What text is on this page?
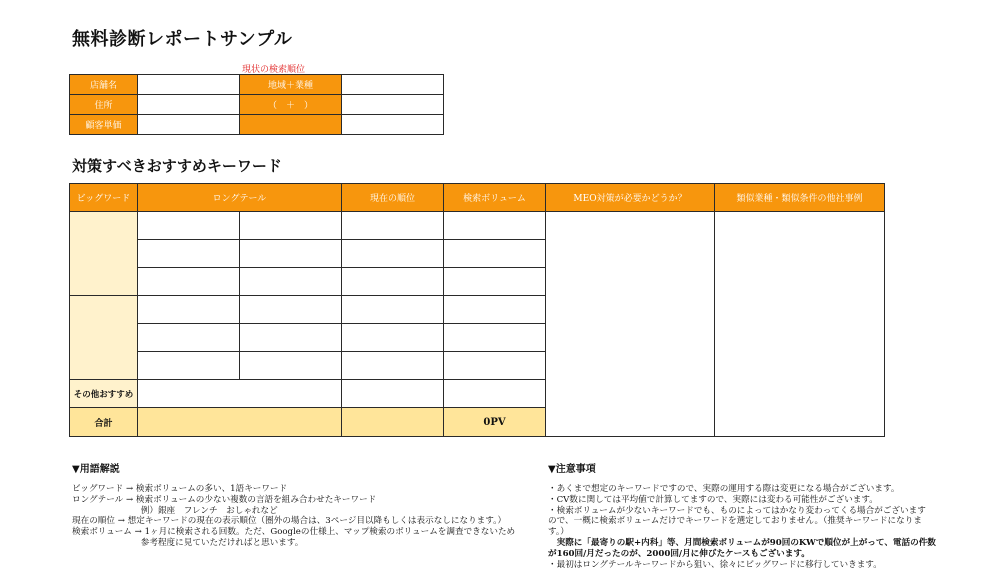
無料診断レポートサンプル
現状の検索順位
店舗名		地域＋業種	
住所		（　＋　）	
顧客単価			
対策すべきおすすめキーワード
ビッグワード	ロングテール		現在の順位	検索ボリューム	MEO対策が必要かどうか？	類似業種・類似条件の他社事例

その他おすすめ						
合計				0PV		
▼用語解説
ビッグワード → 検索ボリュームの多い、1語キーワード
ロングテール → 検索ボリュームの少ない複数の言語を組み合わせたキーワード
　　　　　　　　例）銀座　フレンチ　おしゃれなど
現在の順位 → 想定キーワードの現在の表示順位（圏外の場合は、3ページ目以降もしくは表示なしになります。）
検索ボリューム → 1ヶ月に検索される回数。ただ、Googleの仕様上、マップ検索のボリュームを調査できないため
　　　　　　　　参考程度に見ていただければと思います。
▼注意事項
・あくまで想定のキーワードですので、実際の運用する際は変更になる場合がございます。
・CV数に関しては平均値で計算してますので、実際には変わる可能性がございます。
・検索ボリュームが少ないキーワードでも、ものによってはかなり変わってくる場合がございます
ので、一概に検索ボリュームだけでキーワードを選定しておりません。（推奨キーワードになりま
す。）
　実際に「最寄りの駅+内科」等、月間検索ボリュームが90回のKWで順位が上がって、電話の件数
が160回/月だったのが、2000回/月に伸びたケースもございます。
・最初はロングテールキーワードから狙い、徐々にビッグワードに移行していきます。
